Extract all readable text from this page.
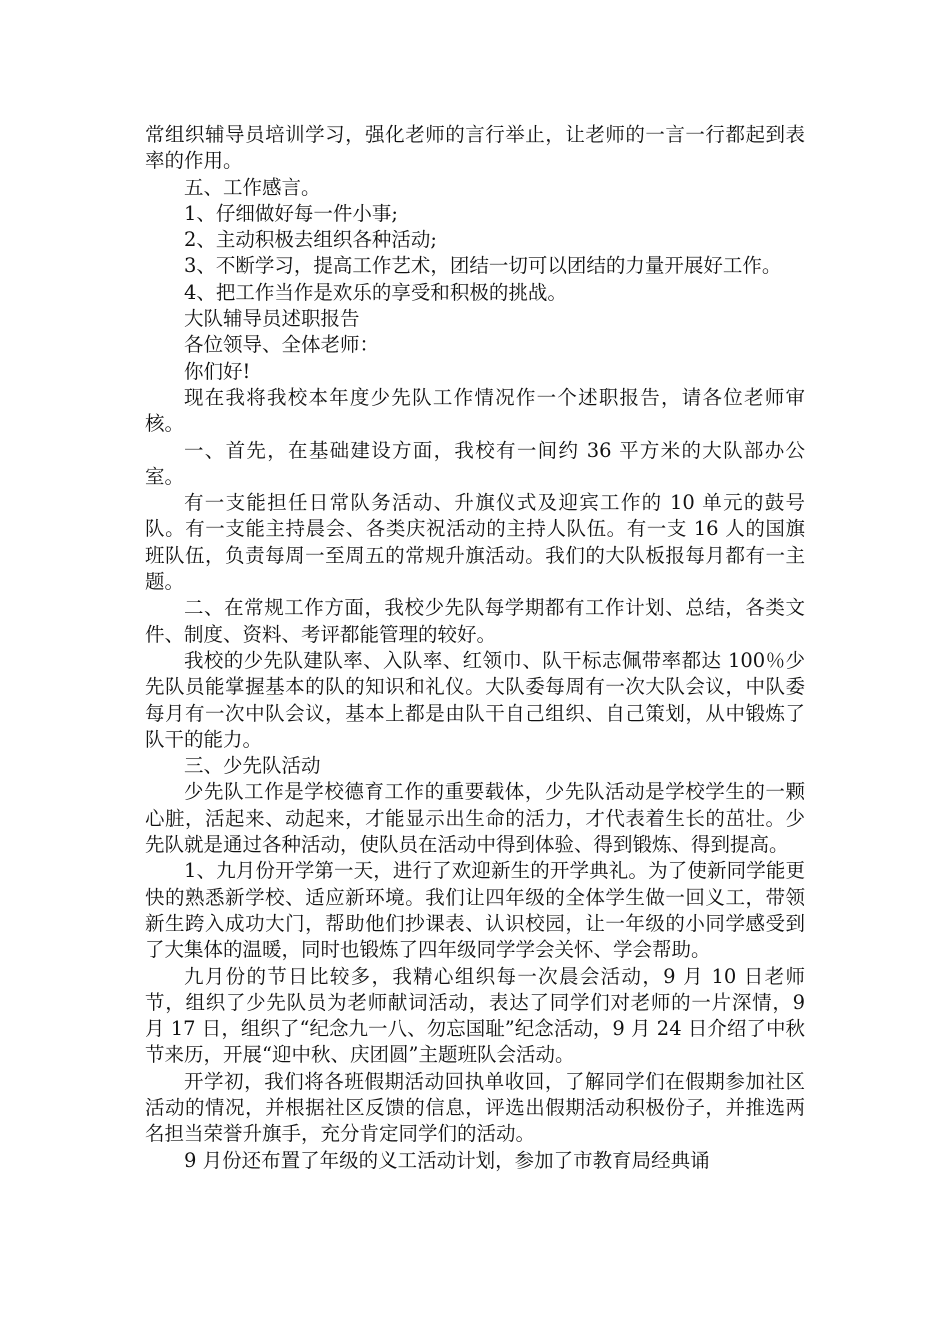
常组织辅导员培训学习，强化老师的言行举止，让老师的一言一行都起到表率的作用。

五、工作感言。

1、仔细做好每一件小事;

2、主动积极去组织各种活动;

3、不断学习，提高工作艺术，团结一切可以团结的力量开展好工作。

4、把工作当作是欢乐的享受和积极的挑战。

大队辅导员述职报告

各位领导、全体老师：

你们好!

现在我将我校本年度少先队工作情况作一个述职报告，请各位老师审核。

一、首先，在基础建设方面，我校有一间约 36 平方米的大队部办公室。

有一支能担任日常队务活动、升旗仪式及迎宾工作的 10 单元的鼓号队。有一支能主持晨会、各类庆祝活动的主持人队伍。有一支 16 人的国旗班队伍，负责每周一至周五的常规升旗活动。我们的大队板报每月都有一主题。

二、在常规工作方面，我校少先队每学期都有工作计划、总结，各类文件、制度、资料、考评都能管理的较好。

我校的少先队建队率、入队率、红领巾、队干标志佩带率都达 100％少先队员能掌握基本的队的知识和礼仪。大队委每周有一次大队会议，中队委每月有一次中队会议，基本上都是由队干自己组织、自己策划，从中锻炼了队干的能力。

三、少先队活动

少先队工作是学校德育工作的重要载体，少先队活动是学校学生的一颗心脏，活起来、动起来，才能显示出生命的活力，才代表着生长的茁壮。少先队就是通过各种活动，使队员在活动中得到体验、得到锻炼、得到提高。

1、九月份开学第一天，进行了欢迎新生的开学典礼。为了使新同学能更快的熟悉新学校、适应新环境。我们让四年级的全体学生做一回义工，带领新生跨入成功大门，帮助他们抄课表、认识校园，让一年级的小同学感受到了大集体的温暖，同时也锻炼了四年级同学学会关怀、学会帮助。

九月份的节日比较多，我精心组织每一次晨会活动，9 月 10 日老师节，组织了少先队员为老师献词活动，表达了同学们对老师的一片深情，9 月 17 日，组织了“纪念九一八、勿忘国耻”纪念活动，9 月 24 日介绍了中秋节来历，开展“迎中秋、庆团圆”主题班队会活动。

开学初，我们将各班假期活动回执单收回，了解同学们在假期参加社区活动的情况，并根据社区反馈的信息，评选出假期活动积极份子，并推选两名担当荣誉升旗手，充分肯定同学们的活动。

9 月份还布置了年级的义工活动计划，参加了市教育局经典诵
